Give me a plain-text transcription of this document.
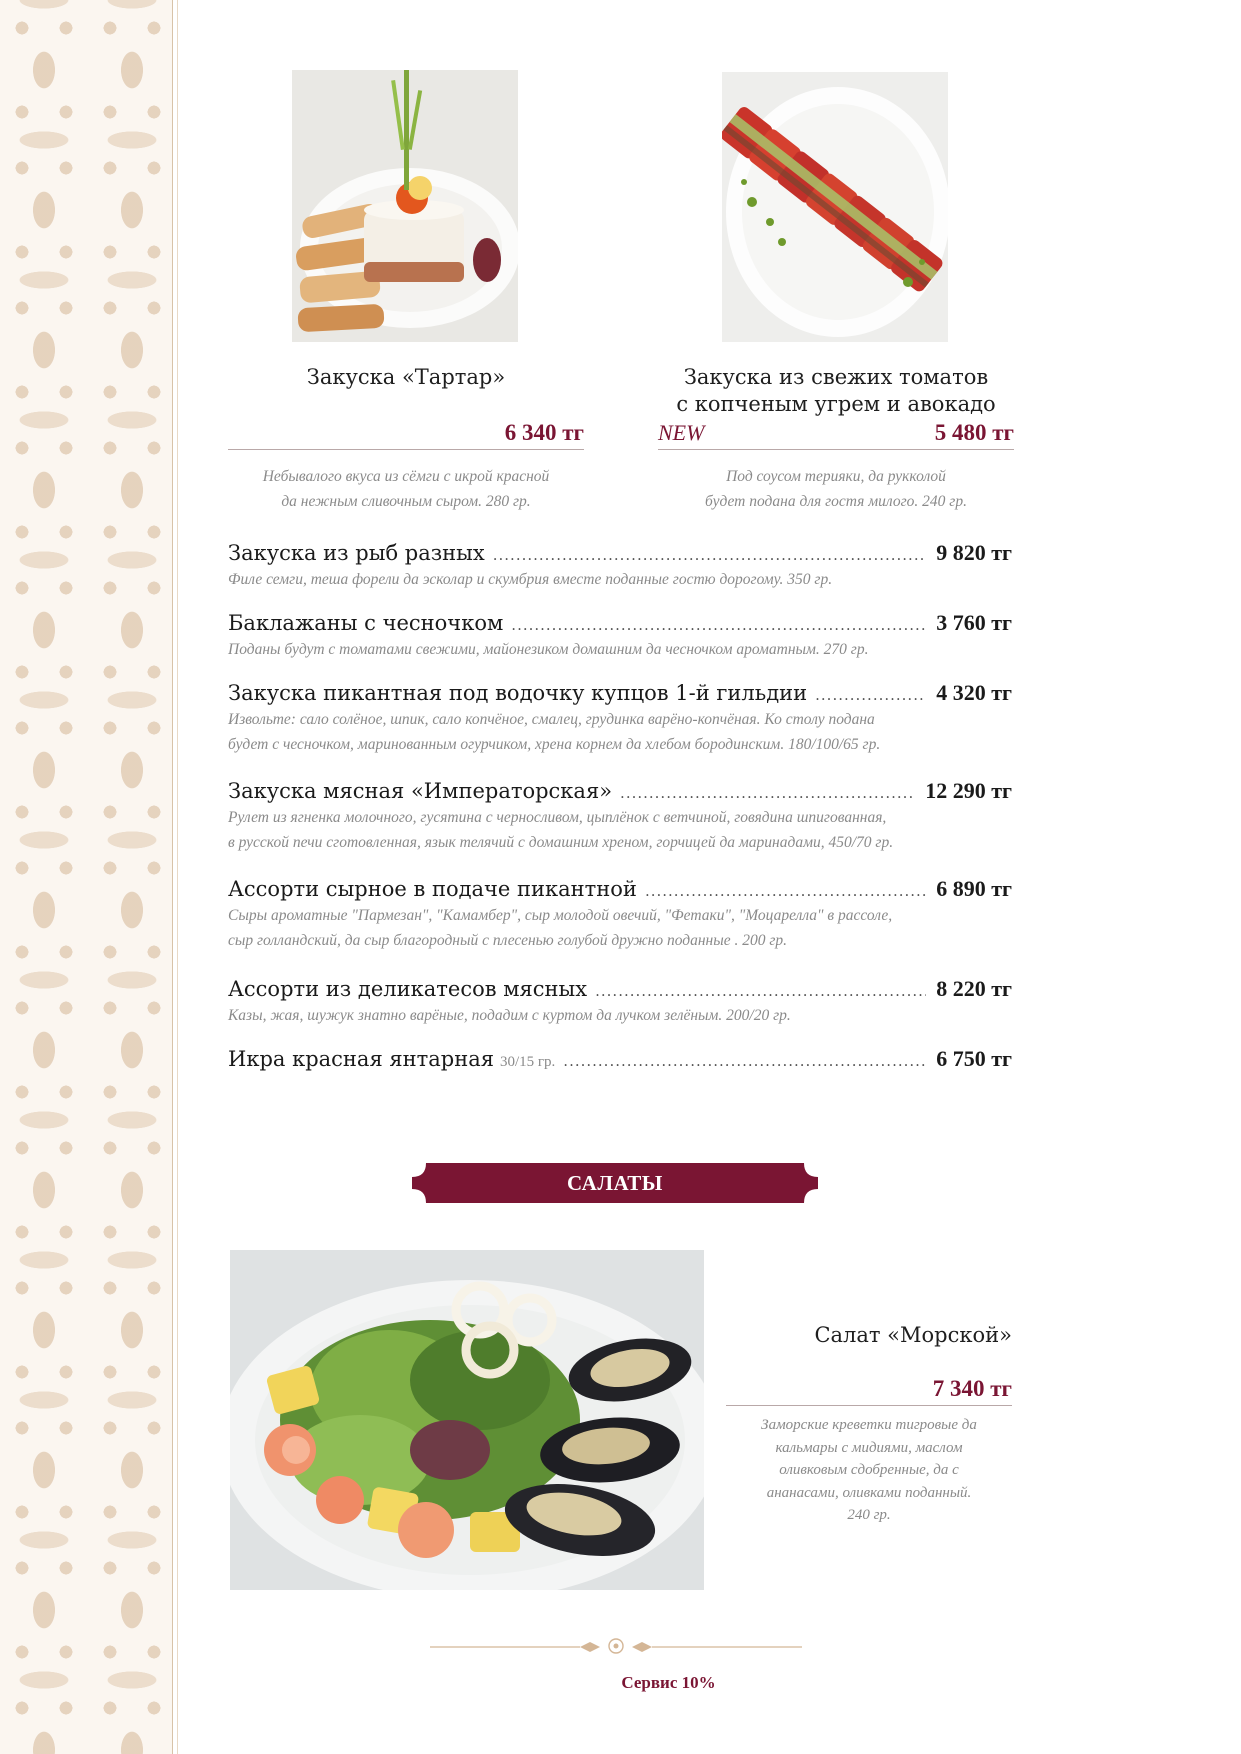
Закуска «Тартар»
6 340 тг
Небывалого вкуса из сёмги с икрой красной
да нежным сливочным сыром. 280 гр.
Закуска из свежих томатов
с копченым угрем и авокадо
NEW	5 480 тг
Под соусом терияки, да рукколой
будет подана для гостя милого. 240 гр.
Закуска из рыб разных .....	9 820 тг
Филе семги, теша форели да эсколар и скумбрия вместе поданные гостю дорогому. 350 гр.
Баклажаны с чесночком .....	3 760 тг
Поданы будут с томатами свежими, майонезиком домашним да чесночком ароматным. 270 гр.
Закуска пикантная под водочку купцов 1-й гильдии .....	4 320 тг
Извольте: сало солёное, шпик, сало копчёное, смалец, грудинка варёно-копчёная. Ко столу подана
будет с чесночком, маринованным огурчиком, хрена корнем да хлебом бородинским. 180/100/65 гр.
Закуска мясная «Императорская» .....	12 290 тг
Рулет из ягненка молочного, гусятина с черносливом, цыплёнок с ветчиной, говядина шпигованная,
в русской печи сготовленная, язык телячий с домашним хреном, горчицей да маринадами, 450/70 гр.
Ассорти сырное в подаче пикантной .....	6 890 тг
Сыры ароматные "Пармезан", "Камамбер", сыр молодой овечий, "Фетаки", "Моцарелла" в рассоле,
сыр голландский, да сыр благородный с плесенью голубой дружно поданные . 200 гр.
Ассорти из деликатесов мясных .....	8 220 тг
Казы, жая, шужук знатно варёные, подадим с куртом да лучком зелёным. 200/20 гр.
Икра красная янтарная 30/15 гр. .....	6 750 тг
САЛАТЫ
Салат «Морской»
7 340 тг
Заморские креветки тигровые да
кальмары с мидиями, маслом
оливковым сдобренные, да с
ананасами, оливками поданный.
240 гр.
Сервис 10%
